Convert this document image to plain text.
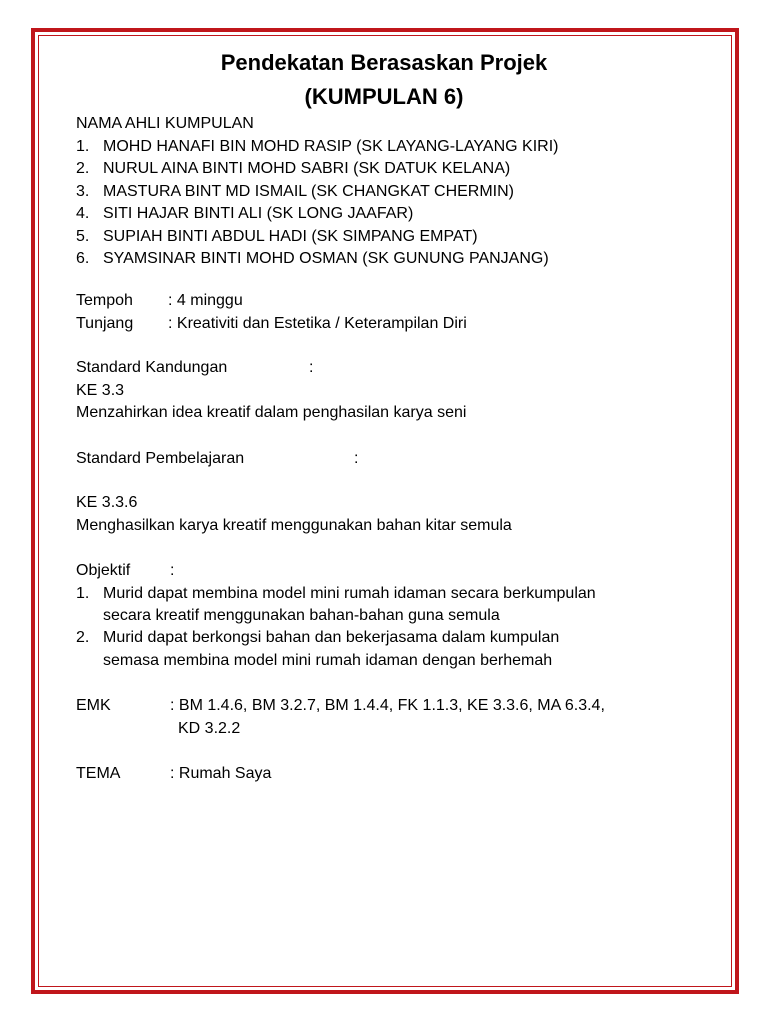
Pendekatan Berasaskan Projek
(KUMPULAN 6)
NAMA AHLI KUMPULAN
1. MOHD HANAFI BIN MOHD RASIP (SK LAYANG-LAYANG KIRI)
2. NURUL AINA BINTI MOHD SABRI (SK DATUK KELANA)
3. MASTURA BINT MD ISMAIL (SK CHANGKAT CHERMIN)
4. SITI HAJAR BINTI ALI (SK LONG JAAFAR)
5. SUPIAH BINTI ABDUL HADI (SK SIMPANG EMPAT)
6. SYAMSINAR BINTI MOHD OSMAN (SK GUNUNG PANJANG)
Tempoh : 4 minggu
Tunjang : Kreativiti dan Estetika / Keterampilan Diri
Standard Kandungan	:
KE 3.3
Menzahirkan idea kreatif dalam penghasilan karya seni
Standard Pembelajaran	:
KE 3.3.6
Menghasilkan karya kreatif menggunakan bahan kitar semula
Objektif :
1. Murid dapat membina model mini rumah idaman secara berkumpulan
secara kreatif menggunakan bahan-bahan guna semula
2. Murid dapat berkongsi bahan dan bekerjasama dalam kumpulan
semasa membina model mini rumah idaman dengan berhemah
EMK	: BM 1.4.6, BM 3.2.7, BM 1.4.4, FK 1.1.3, KE 3.3.6, MA 6.3.4,
KD 3.2.2
TEMA	: Rumah Saya
